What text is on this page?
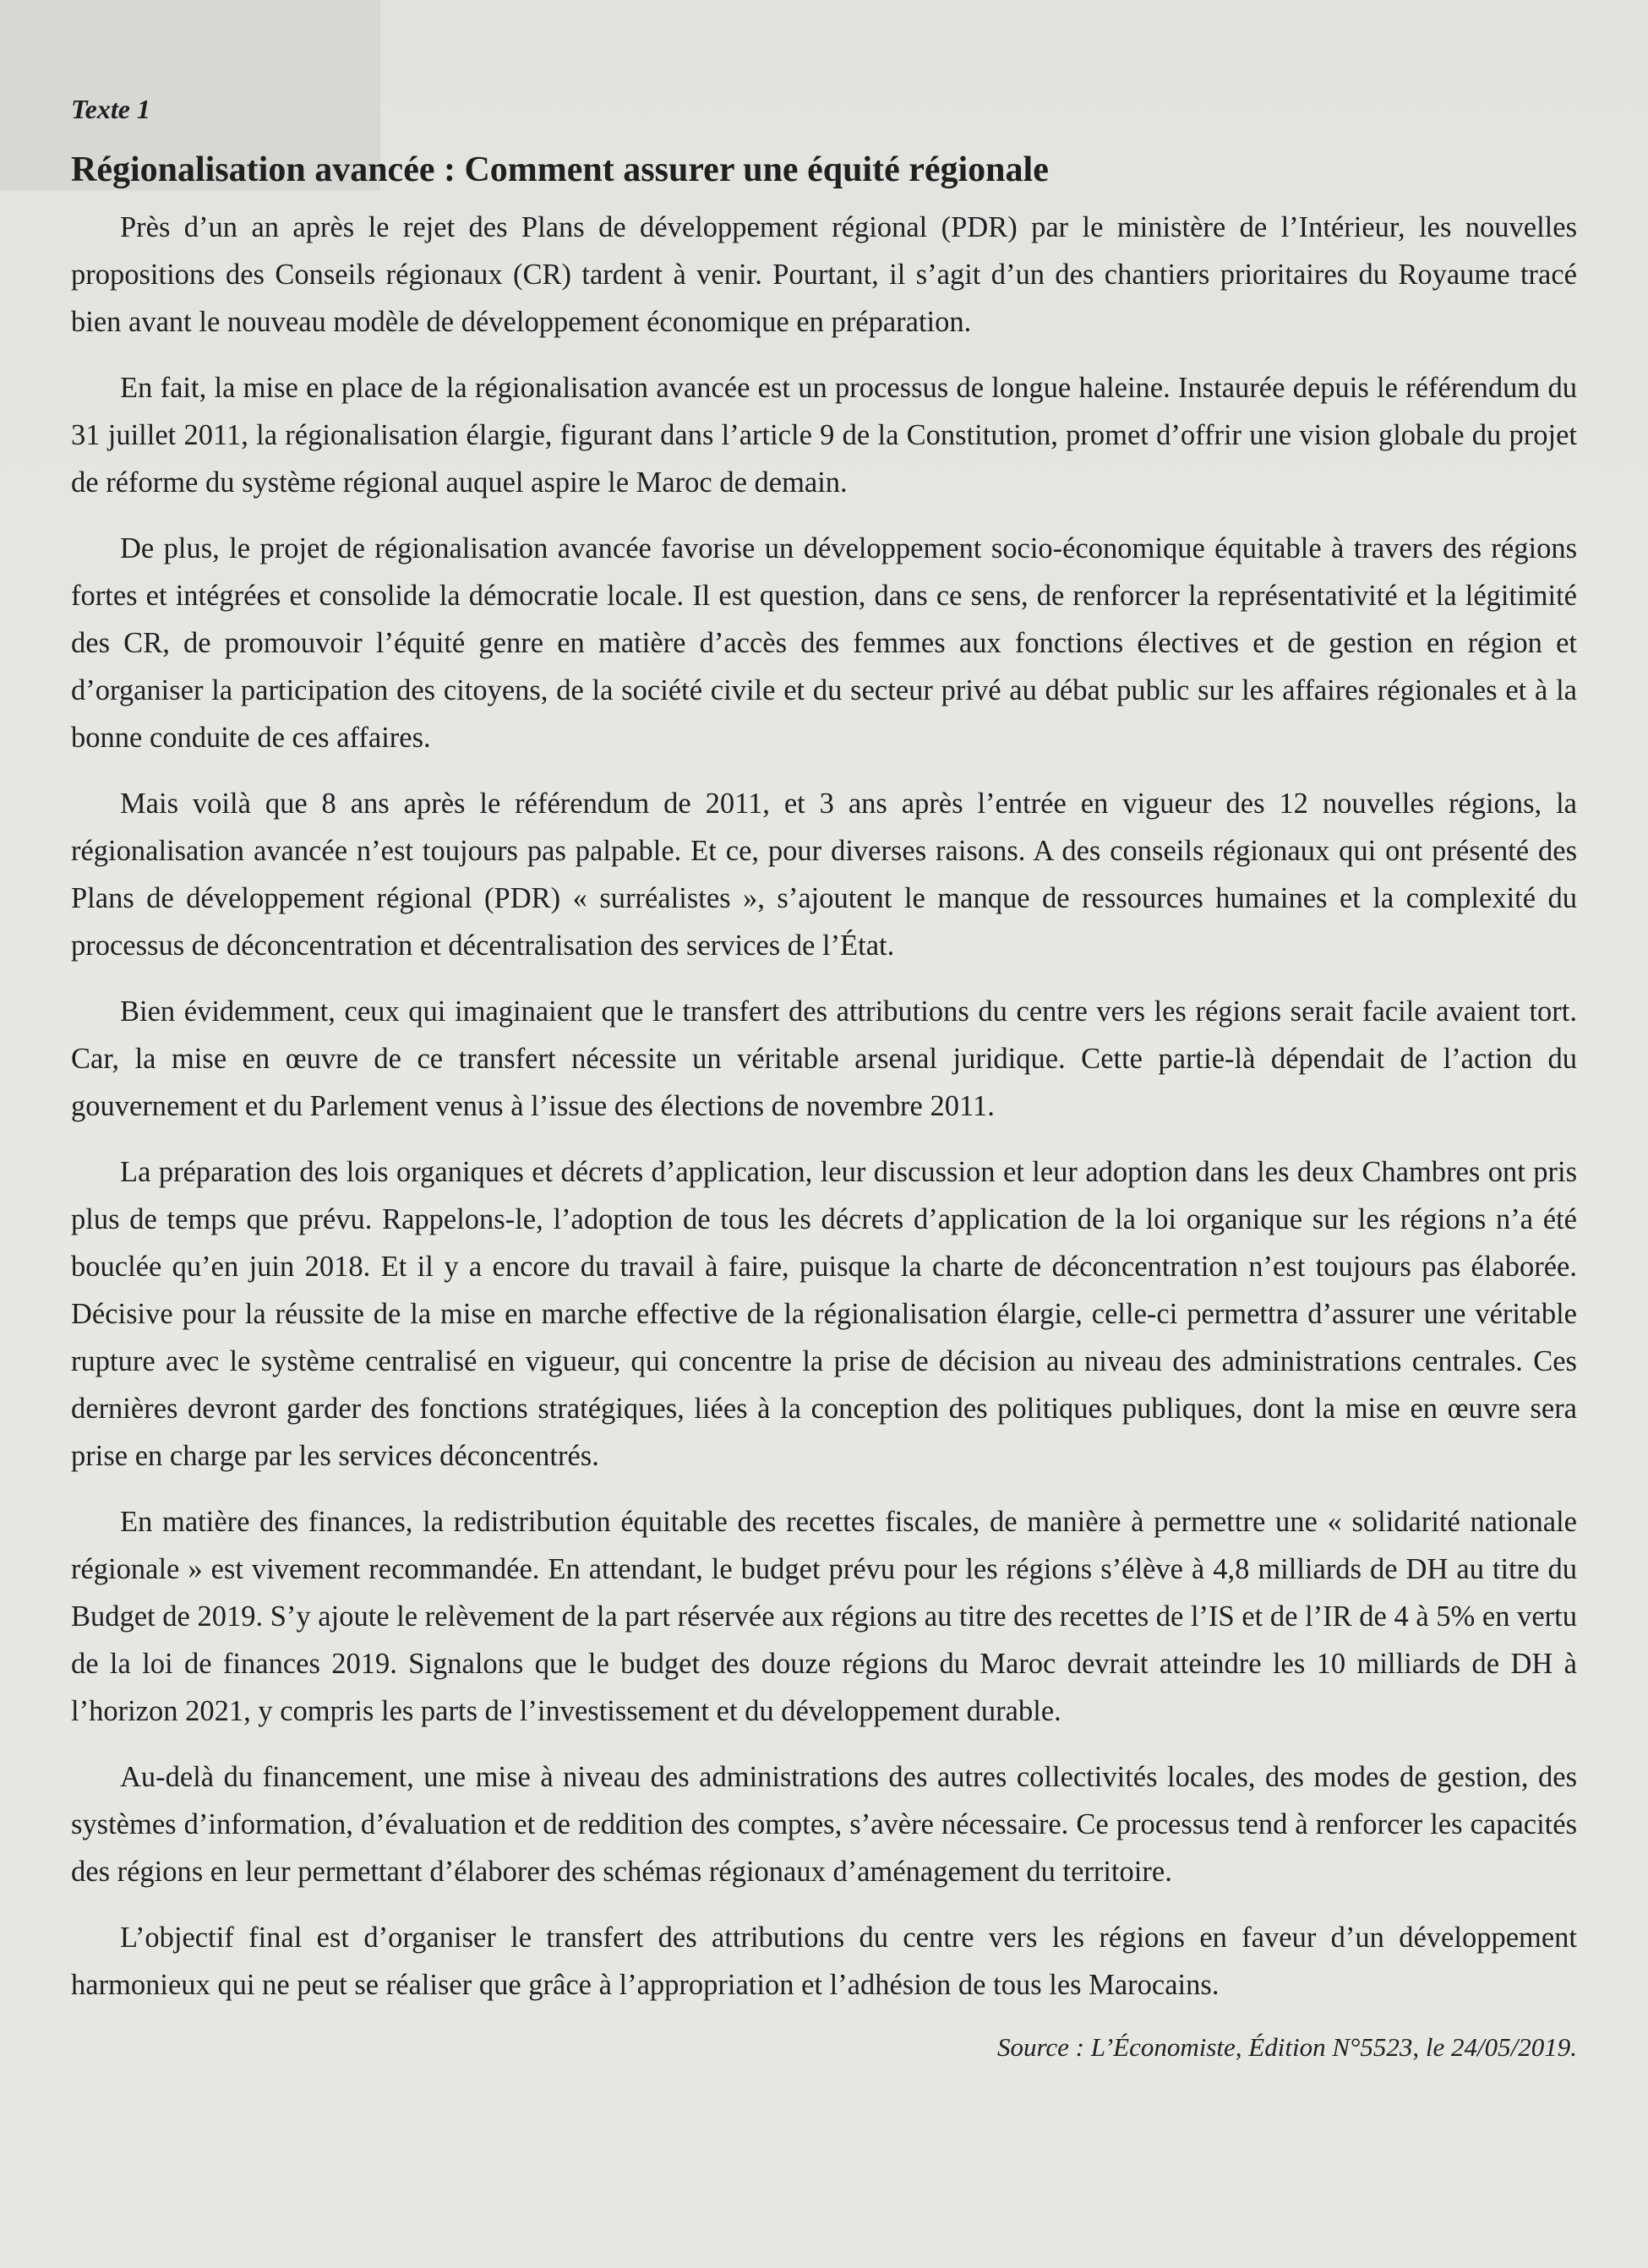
Texte 1
Régionalisation avancée : Comment assurer une équité régionale

Près d’un an après le rejet des Plans de développement régional (PDR) par le ministère de l’Intérieur, les nouvelles propositions des Conseils régionaux (CR) tardent à venir. Pourtant, il s’agit d’un des chantiers prioritaires du Royaume tracé bien avant le nouveau modèle de développement économique en préparation.

En fait, la mise en place de la régionalisation avancée est un processus de longue haleine. Instaurée depuis le référendum du 31 juillet 2011, la régionalisation élargie, figurant dans l’article 9 de la Constitution, promet d’offrir une vision globale du projet de réforme du système régional auquel aspire le Maroc de demain.

De plus, le projet de régionalisation avancée favorise un développement socio-économique équitable à travers des régions fortes et intégrées et consolide la démocratie locale. Il est question, dans ce sens, de renforcer la représentativité et la légitimité des CR, de promouvoir l’équité genre en matière d’accès des femmes aux fonctions électives et de gestion en région et d’organiser la participation des citoyens, de la société civile et du secteur privé au débat public sur les affaires régionales et à la bonne conduite de ces affaires.

Mais voilà que 8 ans après le référendum de 2011, et 3 ans après l’entrée en vigueur des 12 nouvelles régions, la régionalisation avancée n’est toujours pas palpable. Et ce, pour diverses raisons. A des conseils régionaux qui ont présenté des Plans de développement régional (PDR) « surréalistes », s’ajoutent le manque de ressources humaines et la complexité du processus de déconcentration et décentralisation des services de l’État.

Bien évidemment, ceux qui imaginaient que le transfert des attributions du centre vers les régions serait facile avaient tort. Car, la mise en œuvre de ce transfert nécessite un véritable arsenal juridique. Cette partie-là dépendait de l’action du gouvernement et du Parlement venus à l’issue des élections de novembre 2011.

La préparation des lois organiques et décrets d’application, leur discussion et leur adoption dans les deux Chambres ont pris plus de temps que prévu. Rappelons-le, l’adoption de tous les décrets d’application de la loi organique sur les régions n’a été bouclée qu’en juin 2018. Et il y a encore du travail à faire, puisque la charte de déconcentration n’est toujours pas élaborée. Décisive pour la réussite de la mise en marche effective de la régionalisation élargie, celle-ci permettra d’assurer une véritable rupture avec le système centralisé en vigueur, qui concentre la prise de décision au niveau des administrations centrales. Ces dernières devront garder des fonctions stratégiques, liées à la conception des politiques publiques, dont la mise en œuvre sera prise en charge par les services déconcentrés.

En matière des finances, la redistribution équitable des recettes fiscales, de manière à permettre une « solidarité nationale régionale » est vivement recommandée. En attendant, le budget prévu pour les régions s’élève à 4,8 milliards de DH au titre du Budget de 2019. S’y ajoute le relèvement de la part réservée aux régions au titre des recettes de l’IS et de l’IR de 4 à 5% en vertu de la loi de finances 2019. Signalons que le budget des douze régions du Maroc devrait atteindre les 10 milliards de DH à l’horizon 2021, y compris les parts de l’investissement et du développement durable.

Au-delà du financement, une mise à niveau des administrations des autres collectivités locales, des modes de gestion, des systèmes d’information, d’évaluation et de reddition des comptes, s’avère nécessaire. Ce processus tend à renforcer les capacités des régions en leur permettant d’élaborer des schémas régionaux d’aménagement du territoire.

L’objectif final est d’organiser le transfert des attributions du centre vers les régions en faveur d’un développement harmonieux qui ne peut se réaliser que grâce à l’appropriation et l’adhésion de tous les Marocains.

Source : L’Économiste, Édition N°5523, le 24/05/2019.
